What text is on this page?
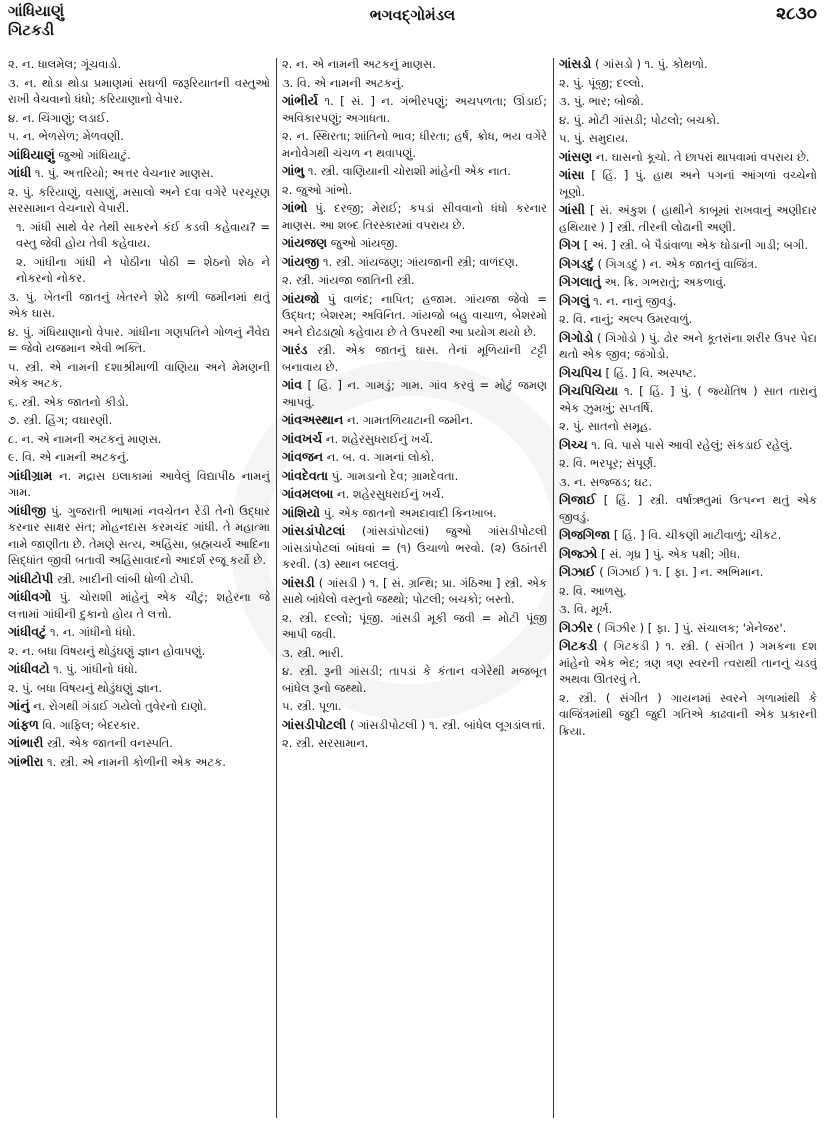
ગાંધિયાણું
ગિટકડી
ભગવદ્ગોમંડલ	૨૮૩૦

૨. ન. ધાલમેલ; ગૂંચવાડો.

૩. ન. થોડા થોડા પ્રમાણમાં સઘળી જરૂરિયાતની વસ્તુઓ રાખી વેચવાનો ધંધો; કરિયાણાનો વેપાર.

૪. ન. ચિંગાણું; લડાઈ.

૫. ન. ભેળસેળ; મેળવણી.

ગાંધિયાણું જુઓ ગાંધિયાટું.

ગાંધી ૧. પું. અત્તરિયો; અત્તર વેચનાર માણસ.

૨. પું. કરિયાણું, વસાણું, મસાલો અને દવા વગેરે પરચૂરણ સરસામાન વેચનારો વેપારી.

૧. ગાંધી સાથે વેર તેથી સાકરને કંઈ કડવી કહેવાય? = વસ્તુ જેવી હોય તેવી કહેવાય.

૨. ગાંધીના ગાંધી ને પોઠીના પોઠી = શેઠનો શેઠ ને નોકરનો નોકર.

૩. પું. ખેતની જાતનું ખેતરને શેઢે કાળી જમીનમાં થતું એક ઘાસ.

૪. પું. ગંધિયાણાનો વેપાર. ગાંધીના ગણપતિને ગોળનું નૈવેદ્ય = જેવો યજમાન એવી ભક્તિ.

૫. સ્ત્રી. એ નામની દશાશ્રીમાળી વાણિયા અને મેમણની એક અટક.

૬. સ્ત્રી. એક જાતનો કીડો.

૭. સ્ત્રી. હિંગ; વઘારણી.

૮. ન. એ નામની અટકનું માણસ.

૯. વિ. એ નામની અટકનું.

ગાંધીગ્રામ ન. મદ્રાસ ઇલાકામાં આવેલું વિદ્યાપીઠ નામનું ગામ.

ગાંધીજી પું. ગુજરાતી ભાષામાં નવચેતન રેડી તેનો ઉદ્ધાર કરનાર સાક્ષર સંત; મોહનદાસ કરમચંદ ગાંધી. તે મહાત્મા નામે જાણીતા છે. તેમણે સત્ય, અહિંસા, બ્રહ્મચર્ય આદિના સિદ્ધાંત જીવી બતાવી અહિંસાવાદનો આદર્શ રજૂ કર્યો છે.

ગાંધીટોપી સ્ત્રી. ખાદીની લાંબી ધોળી ટોપી.

ગાંધીવગો પું. ચોરાશી માંહેનું એક ચૌટું; શહેરના જે લત્તામાં ગાંધીની દુકાનો હોય તે લત્તો.

ગાંધીવટું ૧. ન. ગાંધીનો ધંધો.

૨. ન. બધા વિષયનું થોડુંઘણું જ્ઞાન હોવાપણું.

ગાંધીવટો ૧. પું. ગાંધીનો ધંધો.

૨. પું. બધા વિષયનું થોડુંઘણું જ્ઞાન.

ગાંનું ન. રોગથી ગંડાઈ ગયેલો તુવેરનો દાણો.

ગાંફળ વિ. ગાફિલ; બેદરકાર.

ગાંભારી સ્ત્રી. એક જાતની વનસ્પતિ.

ગાંભીરા ૧. સ્ત્રી. એ નામની કોળીની એક અટક.

૨. ન. એ નામની અટકનું માણસ.

૩. વિ. એ નામની અટકનું.

ગાંભીર્ય ૧. [ સં. ] ન. ગંભીરપણું; અચપળતા; ઊંડાઈ; અવિકારપણું; અગાધતા.

૨. ન. સ્થિરતા; શાંતિનો ભાવ; ધીરતા; હર્ષ, ક્રોધ, ભય વગેરે મનોવેગથી ચંચળ ન થવાપણું.

ગાંભુ ૧. સ્ત્રી. વાણિયાની ચોરાશી માંહેની એક નાત.

૨. જુઓ ગાંભો.

ગાંભો પું. દરજી; મેરાઈ; કપડાં સીવવાનો ધંધો કરનાર માણસ. આ શબ્દ તિરસ્કારમાં વપરાય છે.

ગાંયજણ જુઓ ગાંયજી.

ગાંયજી ૧. સ્ત્રી. ગાંયજણ; ગાંયજાની સ્ત્રી; વાળંદણ.

૨. સ્ત્રી. ગાંયજા જાતિની સ્ત્રી.

ગાંયજો પું વાળંદ; નાપિત; હજામ. ગાંયજા જેવો = ઉદ્ધત; બેશરમ; અવિનિત. ગાંયજો બહુ વાચાળ, બેશરમો અને દોઢડાહ્યો કહેવાય છે તે ઉપરથી આ પ્રયોગ થયો છે.

ગારંડ સ્ત્રી. એક જાતનું ઘાસ. તેનાં મૂળિયાંની ટટ્ટી બનાવાય છે.

ગાંવ [ હિં. ] ન. ગામડું; ગામ. ગાંવ કરવું = મોટું જમણ આપવું.

ગાંવઅસ્થાન ન. ગામતળિયાટાની જમીન.

ગાંવખર્ચ ન. શહેરસુધરાઈનું ખર્ચ.

ગાંવજન ન. બ. વ. ગામનાં લોકો.

ગાંવદેવતા પું. ગામડાનો દેવ; ગ્રામદેવતા.

ગાંવમલબા ન. શહેરસુધરાઈનું ખર્ચ.

ગાંશિયો પું. એક જાતનો અમદાવાદી કિનખાબ.

ગાંસડાંપોટલાં (ગાંસડાંપોટલાં) જુઓ ગાંસડીપોટલી ગાંસડાંપોટલાં બાંધવાં = (૧) ઉચાળો ભરવો. (૨) ઉઠાંતરી કરવી. (૩) સ્થાન બદલવું.

ગાંસડી ( ગાંસડી ) ૧. [ સં. ગ્રન્થિ; પ્રા. ગંઠિઆ ] સ્ત્રી. એક સાથે બાંધેલો વસ્તુનો જથ્થો; પોટલી; બચકો; બસ્તો.

૨. સ્ત્રી. દલ્લો; પૂંજી. ગાંસડી મૂકી જવી = મોટી પૂંજી આપી જવી.

૩. સ્ત્રી. ભારી.

૪. સ્ત્રી. રૂની ગાંસડી; તાપડાં કે કંતાન વગેરેથી મજબૂત બાંધેલ રૂનો જથ્થો.

૫. સ્ત્રી. પૂળા.

ગાંસડીપોટલી ( ગાંસડીપોટલી ) ૧. સ્ત્રી. બાંધેલ લૂગડાંલત્તાં.

૨. સ્ત્રી. સરસામાન.

ગાંસડો ( ગાંસડો ) ૧. પું. કોથળો.

૨. પું. પૂંજી; દલ્લો.

૩. પું. ભાર; બોજો.

૪. પું. મોટી ગાંસડી; પોટલો; બચકો.

૫. પું. સમુદાય.

ગાંસણ ન. ઘાસનો કૂચો. તે છાપરાં થાપવામાં વપરાય છે.

ગાંસા [ હિં. ] પું. હાથ અને પગનાં આંગળાં વચ્ચેનો ખૂણો.

ગાંસી [ સં. અંકુશ ( હાથીને કાબૂમાં રાખવાનું અણીદાર હથિયાર ) ] સ્ત્રી. તીરની લોઢાની અણી.

ગિગ [ અં. ] સ્ત્રી. બે પૈડાંવાળા એક ઘોડાની ગાડી; બગી.

ગિગડદું ( ગિગડદું ) ન. એક જાતનું વાજિંત્ર.

ગિગલાતું અ. ક્રિ. ગભરાતું; અકળાવું.

ગિગલું ૧. ન. નાનું જીવડું.

૨. વિ. નાનું; અલ્પ ઉમરવાળું.

ગિગોડો ( ગિગોડો ) પું. ઢોર અને કૂતરાંના શરીર ઉપર પેદા થતો એક જીવ; જંગોડો.

ગિચપિચ [ હિં. ] વિ. અસ્પષ્ટ.

ગિચપિચિયા ૧. [ હિં. ] પું. ( જ્યોતિષ ) સાત તારાનું એક ઝુમખું; સપ્તર્ષિ.

૨. પું. સાતનો સમૂહ.

ગિચ્ચ ૧. વિ. પાસે પાસે આવી રહેલું; સંકડાઈ રહેલું.

૨. વિ. ભરપૂર; સંપૂર્ણ.

૩. ન. સજ્જડ; ઘટ.

ગિજાઈ [ હિં. ] સ્ત્રી. વર્ષાઋતુમાં ઉત્પન્ન થતું એક જીવડું.

ગિજગિજા [ હિં. ] વિ. ચીકણી માટીવાળું; ચીકટ.

ગિજ્ઝો [ સં. ગૃધ્ર ] પું. એક પક્ષી; ગીધ.

ગિઝાઈ ( ગિઝાઈ ) ૧. [ ફા. ] ન. અભિમાન.

૨. વિ. આળસુ.

૩. વિ. મૂર્ખ.

ગિઝીર ( ગિઝીર ) [ ફા. ] પું. સંચાલક; 'મેનેજર'.

ગિટકડી ( ગિટકડી ) ૧. સ્ત્રી. ( સંગીત ) ગમકના દશ માંહેનો એક ભેદ; ત્રણ ત્રણ સ્વરની ત્વરાથી તાનનું ચડવું અથવા ઊતરવું તે.

૨. સ્ત્રી. ( સંગીત ) ગાયનમાં સ્વરને ગળામાંથી કે વાજિંત્રમાંથી જુદી જુદી ગતિએ કાઢવાની એક પ્રકારની ક્રિયા.
